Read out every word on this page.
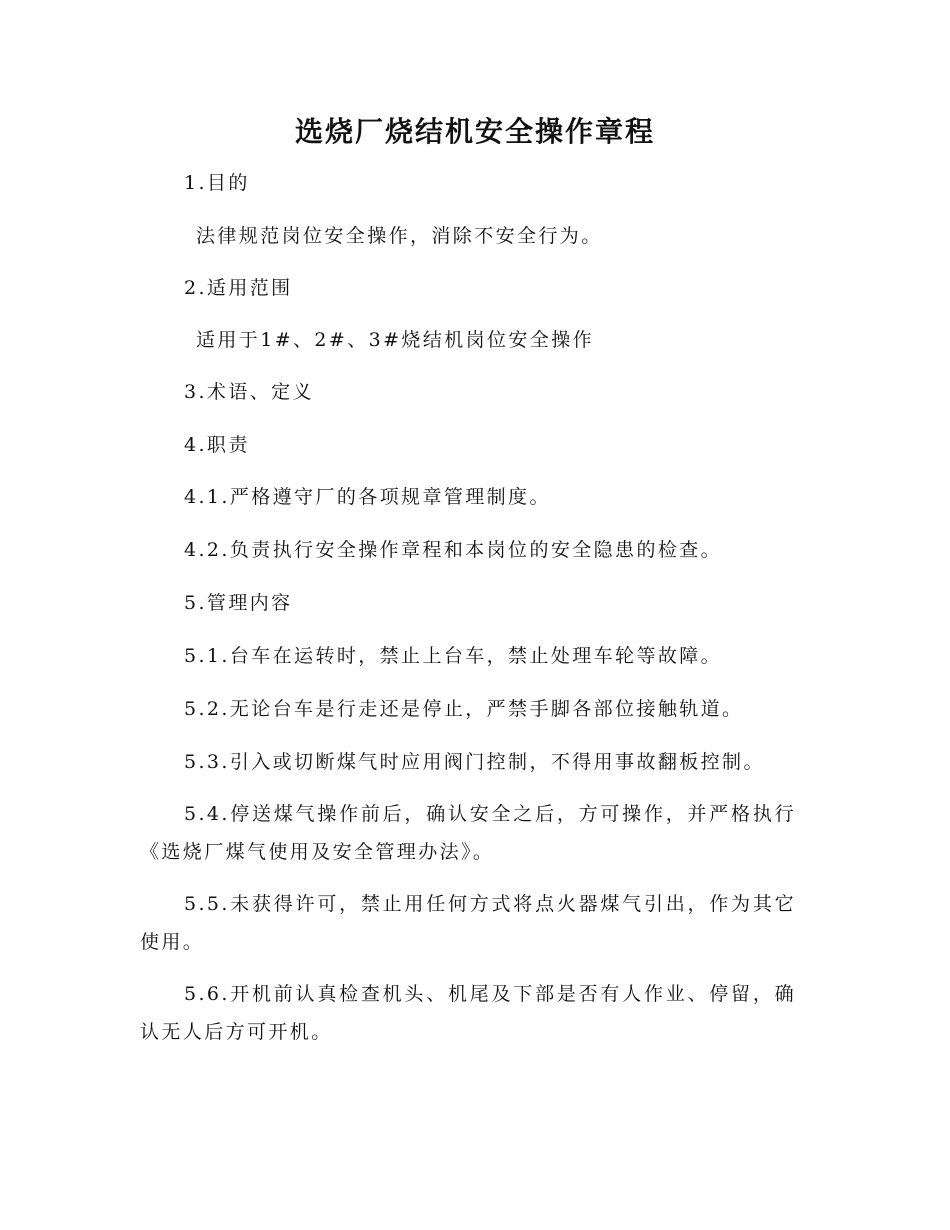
选烧厂烧结机安全操作章程

1.目的

法律规范岗位安全操作，消除不安全行为。

2.适用范围

适用于1#、2#、3#烧结机岗位安全操作

3.术语、定义

4.职责

4.1.严格遵守厂的各项规章管理制度。

4.2.负责执行安全操作章程和本岗位的安全隐患的检查。

5.管理内容

5.1.台车在运转时，禁止上台车，禁止处理车轮等故障。

5.2.无论台车是行走还是停止，严禁手脚各部位接触轨道。

5.3.引入或切断煤气时应用阀门控制，不得用事故翻板控制。

5.4.停送煤气操作前后，确认安全之后，方可操作，并严格执行《选烧厂煤气使用及安全管理办法》。

5.5.未获得许可，禁止用任何方式将点火器煤气引出，作为其它使用。

5.6.开机前认真检查机头、机尾及下部是否有人作业、停留，确认无人后方可开机。
